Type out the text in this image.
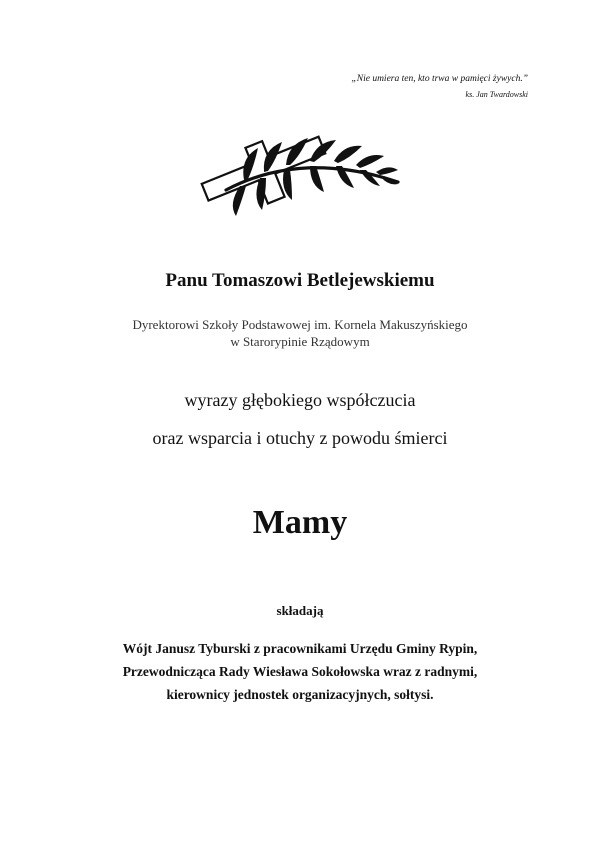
„Nie umiera ten, kto trwa w pamięci żywych.”
ks. Jan Twardowski
Panu Tomaszowi Betlejewskiemu
Dyrektorowi Szkoły Podstawowej im. Kornela Makuszyńskiego
w Starorypinie Rządowym
wyrazy głębokiego współczucia
oraz wsparcia i otuchy z powodu śmierci
Mamy
składają
Wójt Janusz Tyburski z pracownikami Urzędu Gminy Rypin,
Przewodnicząca Rady Wiesława Sokołowska wraz z radnymi,
kierownicy jednostek organizacyjnych, sołtysi.
